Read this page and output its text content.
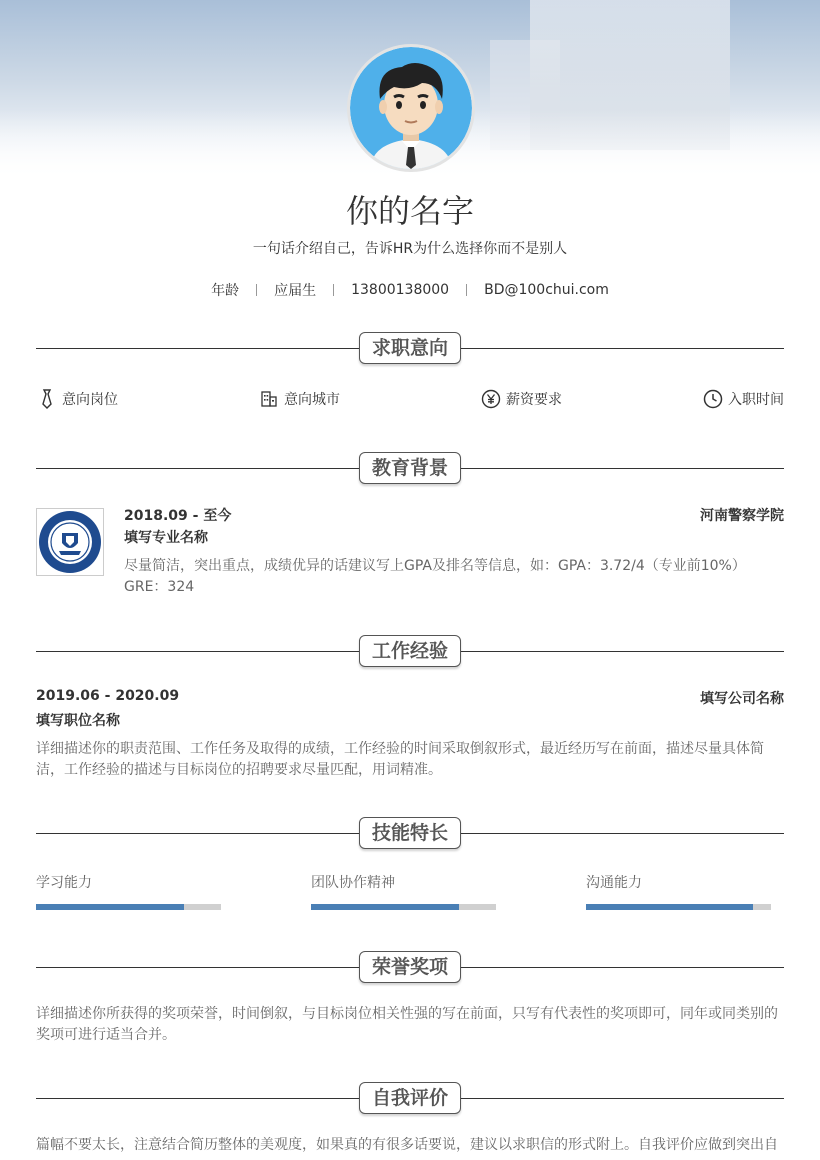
你的名字
一句话介绍自己，告诉HR为什么选择你而不是别人
年龄	应届生	13800138000	BD@100chui.com
求职意向
意向岗位	意向城市	薪资要求	入职时间
教育背景
2018.09 - 至今
填写专业名称
河南警察学院
尽量简洁，突出重点，成绩优异的话建议写上GPA及排名等信息，如：GPA：3.72/4（专业前10%） GRE：324
工作经验
2019.06 - 2020.09
填写职位名称
填写公司名称
详细描述你的职责范围、工作任务及取得的成绩，工作经验的时间采取倒叙形式，最近经历写在前面，描述尽量具体简洁，工作经验的描述与目标岗位的招聘要求尽量匹配，用词精准。
技能特长
学习能力	团队协作精神	沟通能力
荣誉奖项
详细描述你所获得的奖项荣誉，时间倒叙，与目标岗位相关性强的写在前面，只写有代表性的奖项即可，同年或同类别的奖项可进行适当合并。
自我评价
篇幅不要太长，注意结合简历整体的美观度，如果真的有很多话要说，建议以求职信的形式附上。自我评价应做到突出自
